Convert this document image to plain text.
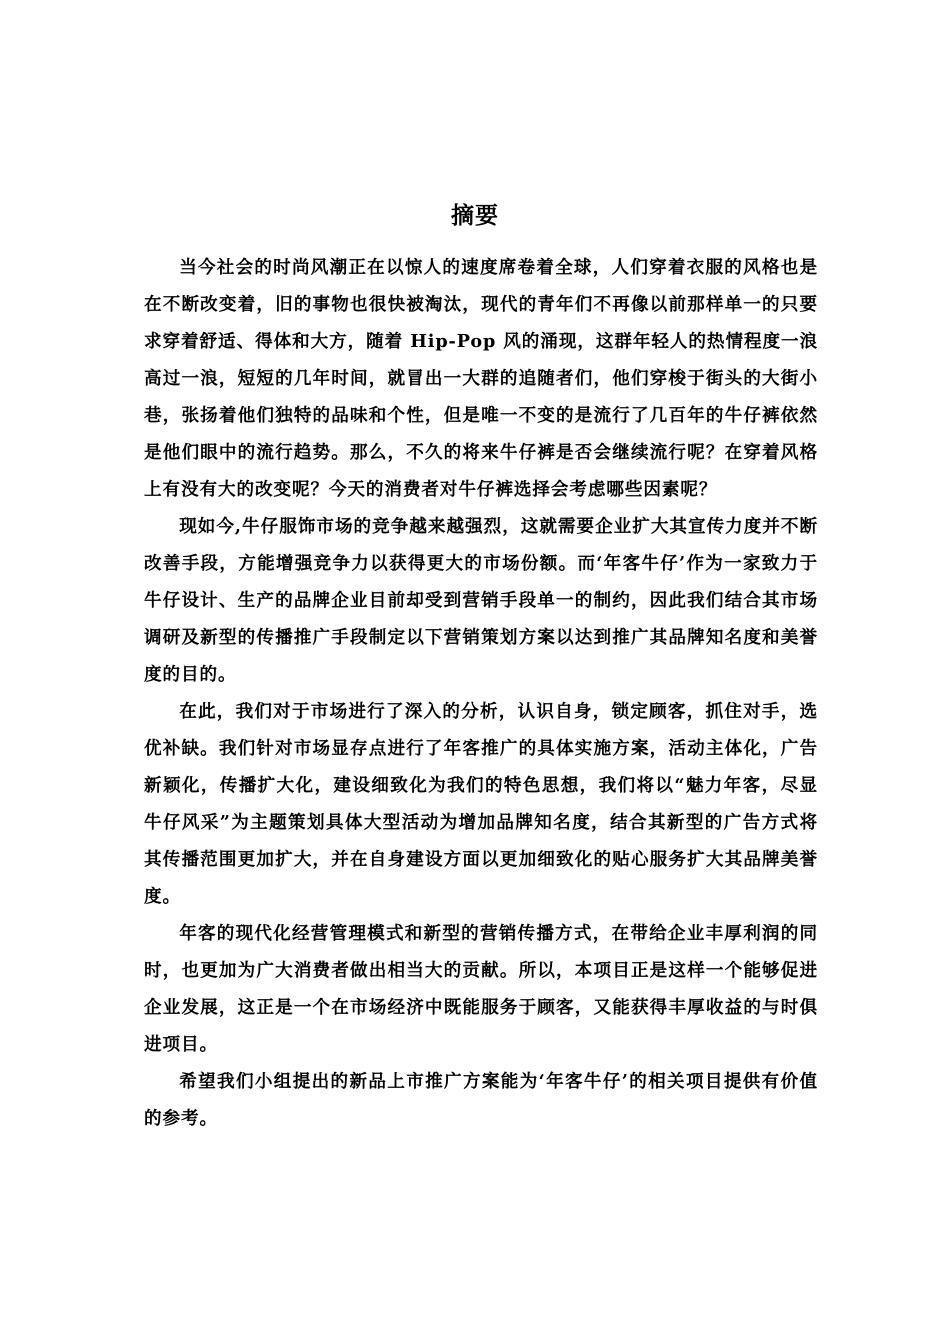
摘要

当今社会的时尚风潮正在以惊人的速度席卷着全球，人们穿着衣服的风格也是在不断改变着，旧的事物也很快被淘汰，现代的青年们不再像以前那样单一的只要求穿着舒适、得体和大方，随着 Hip-Pop 风的涌现，这群年轻人的热情程度一浪高过一浪，短短的几年时间，就冒出一大群的追随者们，他们穿梭于街头的大街小巷，张扬着他们独特的品味和个性，但是唯一不变的是流行了几百年的牛仔裤依然是他们眼中的流行趋势。那么，不久的将来牛仔裤是否会继续流行呢？在穿着风格上有没有大的改变呢？今天的消费者对牛仔裤选择会考虑哪些因素呢？

现如今,牛仔服饰市场的竞争越来越强烈，这就需要企业扩大其宣传力度并不断改善手段，方能增强竞争力以获得更大的市场份额。而‘年客牛仔’作为一家致力于牛仔设计、生产的品牌企业目前却受到营销手段单一的制约，因此我们结合其市场调研及新型的传播推广手段制定以下营销策划方案以达到推广其品牌知名度和美誉度的目的。

在此，我们对于市场进行了深入的分析，认识自身，锁定顾客，抓住对手，选优补缺。我们针对市场显存点进行了年客推广的具体实施方案，活动主体化，广告新颖化，传播扩大化，建设细致化为我们的特色思想，我们将以“魅力年客，尽显牛仔风采”为主题策划具体大型活动为增加品牌知名度，结合其新型的广告方式将其传播范围更加扩大，并在自身建设方面以更加细致化的贴心服务扩大其品牌美誉度。

年客的现代化经营管理模式和新型的营销传播方式，在带给企业丰厚利润的同时，也更加为广大消费者做出相当大的贡献。所以，本项目正是这样一个能够促进企业发展，这正是一个在市场经济中既能服务于顾客，又能获得丰厚收益的与时俱进项目。

希望我们小组提出的新品上市推广方案能为‘年客牛仔’的相关项目提供有价值的参考。
